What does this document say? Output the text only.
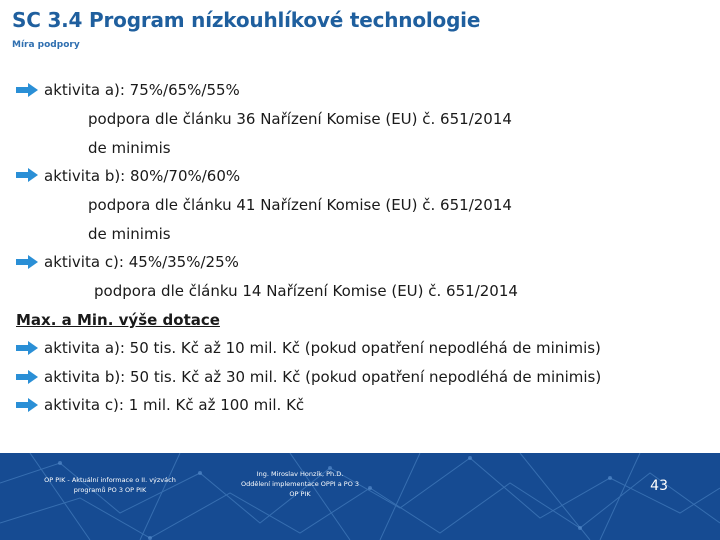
SC 3.4 Program nízkouhlíkové technologie
Míra podpory
aktivita a): 75%/65%/55%
podpora dle článku 36 Nařízení Komise (EU) č. 651/2014
de minimis
aktivita b): 80%/70%/60%
podpora dle článku 41 Nařízení Komise (EU) č. 651/2014
de minimis
aktivita c): 45%/35%/25%
podpora dle článku 14 Nařízení Komise (EU) č. 651/2014
Max. a Min. výše dotace
aktivita a): 50 tis. Kč až 10 mil. Kč (pokud opatření nepodléhá de minimis)
aktivita b): 50 tis. Kč až 30 mil. Kč (pokud opatření nepodléhá de minimis)
aktivita c): 1 mil. Kč až 100 mil. Kč
OP PIK - Aktuální informace o II. výzvách
programů PO 3 OP PIK
Ing. Miroslav Honzík, Ph.D.
Oddělení implementace OPPI a PO 3
OP PIK	43
